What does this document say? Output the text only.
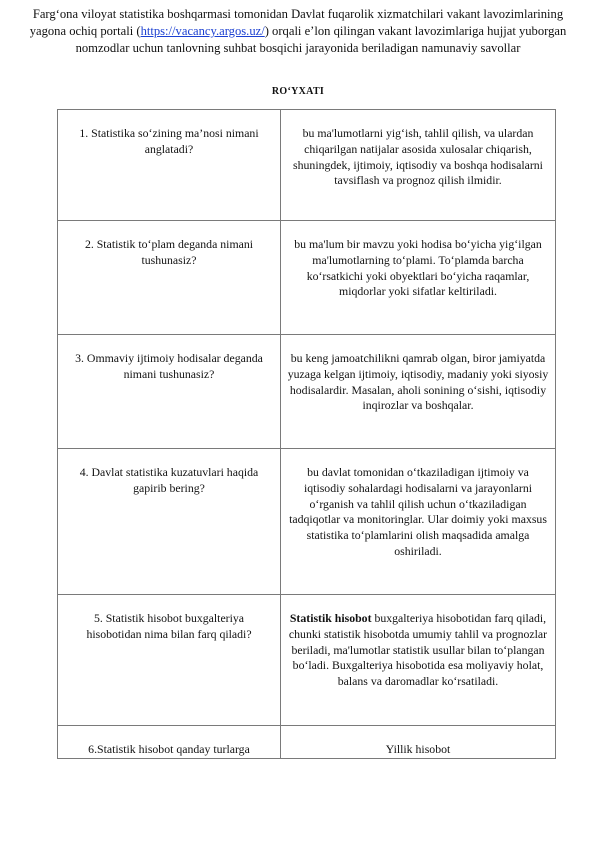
Farg‘ona viloyat statistika boshqarmasi tomonidan Davlat fuqarolik xizmatchilari vakant lavozimlarining yagona ochiq portali (https://vacancy.argos.uz/) orqali e’lon qilingan vakant lavozimlariga hujjat yuborgan nomzodlar uchun tanlovning suhbat bosqichi jarayonida beriladigan namunaviy savollar
RO‘YXATI
1. Statistika so‘zining ma’nosi nimani anglatadi?	bu ma'lumotlarni yig‘ish, tahlil qilish, va ulardan chiqarilgan natijalar asosida xulosalar chiqarish, shuningdek, ijtimoiy, iqtisodiy va boshqa hodisalarni tavsiflash va prognoz qilish ilmidir.

2. Statistik to‘plam deganda nimani tushunasiz?	bu ma'lum bir mavzu yoki hodisa bo‘yicha yig‘ilgan ma'lumotlarning to‘plami. To‘plamda barcha ko‘rsatkichi yoki obyektlari bo‘yicha raqamlar, miqdorlar yoki sifatlar keltiriladi.

3. Ommaviy ijtimoiy hodisalar deganda nimani tushunasiz?	bu keng jamoatchilikni qamrab olgan, biror jamiyatda yuzaga kelgan ijtimoiy, iqtisodiy, madaniy yoki siyosiy hodisalardir. Masalan, aholi sonining o‘sishi, iqtisodiy inqirozlar va boshqalar.

4. Davlat statistika kuzatuvlari haqida gapirib bering?	bu davlat tomonidan o‘tkaziladigan ijtimoiy va iqtisodiy sohalardagi hodisalarni va jarayonlarni o‘rganish va tahlil qilish uchun o‘tkaziladigan tadqiqotlar va monitoringlar. Ular doimiy yoki maxsus statistika to‘plamlarini olish maqsadida amalga oshiriladi.

5. Statistik hisobot buxgalteriya hisobotidan nima bilan farq qiladi?	Statistik hisobot buxgalteriya hisobotidan farq qiladi, chunki statistik hisobotda umumiy tahlil va prognozlar beriladi, ma'lumotlar statistik usullar bilan to‘plangan bo‘ladi. Buxgalteriya hisobotida esa moliyaviy holat, balans va daromadlar ko‘rsatiladi.

6.Statistik hisobot qanday turlarga	Yillik hisobot
